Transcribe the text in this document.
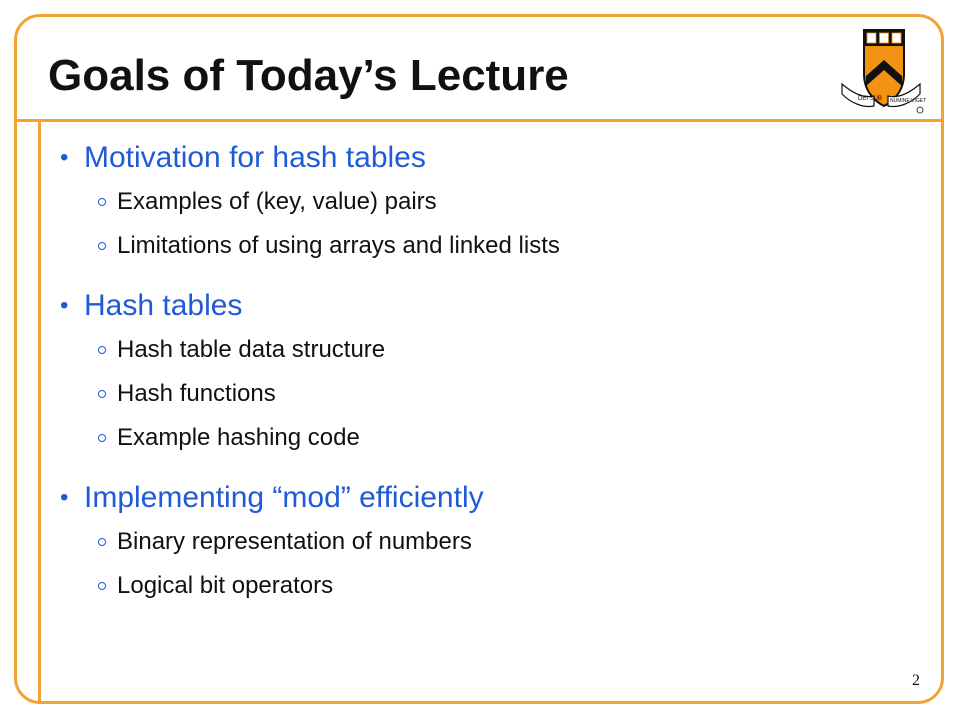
Goals of Today’s Lecture	DEI SUB NUMINE VIGET

• Motivation for hash tables

Examples of (key, value) pairs

Limitations of using arrays and linked lists

• Hash tables

Hash table data structure

Hash functions

Example hashing code

• Implementing “mod” efficiently

Binary representation of numbers

Logical bit operators

2
